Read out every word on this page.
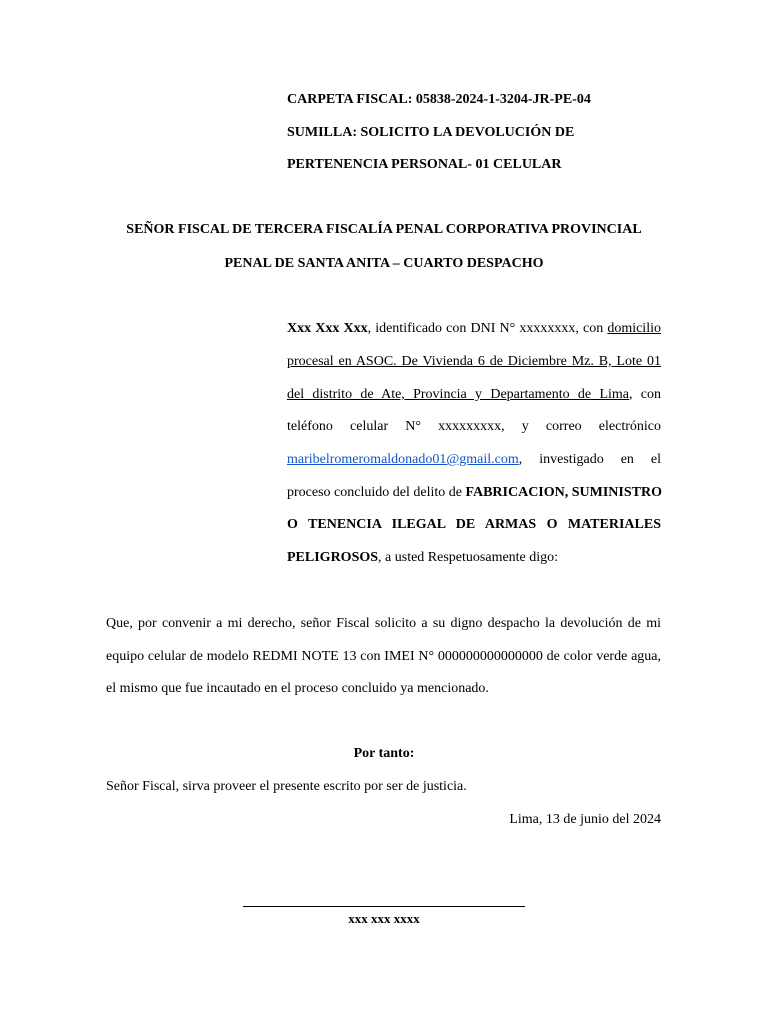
CARPETA FISCAL: 05838-2024-1-3204-JR-PE-04
SUMILLA: SOLICITO LA DEVOLUCIÓN DE
PERTENENCIA PERSONAL- 01 CELULAR
SEÑOR FISCAL DE TERCERA FISCALÍA PENAL CORPORATIVA PROVINCIAL
PENAL DE SANTA ANITA – CUARTO DESPACHO
Xxx Xxx Xxx, identificado con DNI N° xxxxxxxx, con domicilio
procesal en ASOC. De Vivienda 6 de Diciembre Mz. B, Lote 01
del distrito de Ate, Provincia y Departamento de Lima, con
teléfono celular N° xxxxxxxxx, y correo electrónico
maribelromeromaldonado01@gmail.com, investigado en el
proceso concluido del delito de FABRICACION, SUMINISTRO
O TENENCIA ILEGAL DE ARMAS O MATERIALES
PELIGROSOS, a usted Respetuosamente digo:
Que, por convenir a mi derecho, señor Fiscal solicito a su digno despacho la devolución de mi
equipo celular de modelo REDMI NOTE 13 con IMEI N° 000000000000000 de color verde agua,
el mismo que fue incautado en el proceso concluido ya mencionado.
Por tanto:
Señor Fiscal, sirva proveer el presente escrito por ser de justicia.
Lima, 13 de junio del 2024
xxx xxx xxxx
